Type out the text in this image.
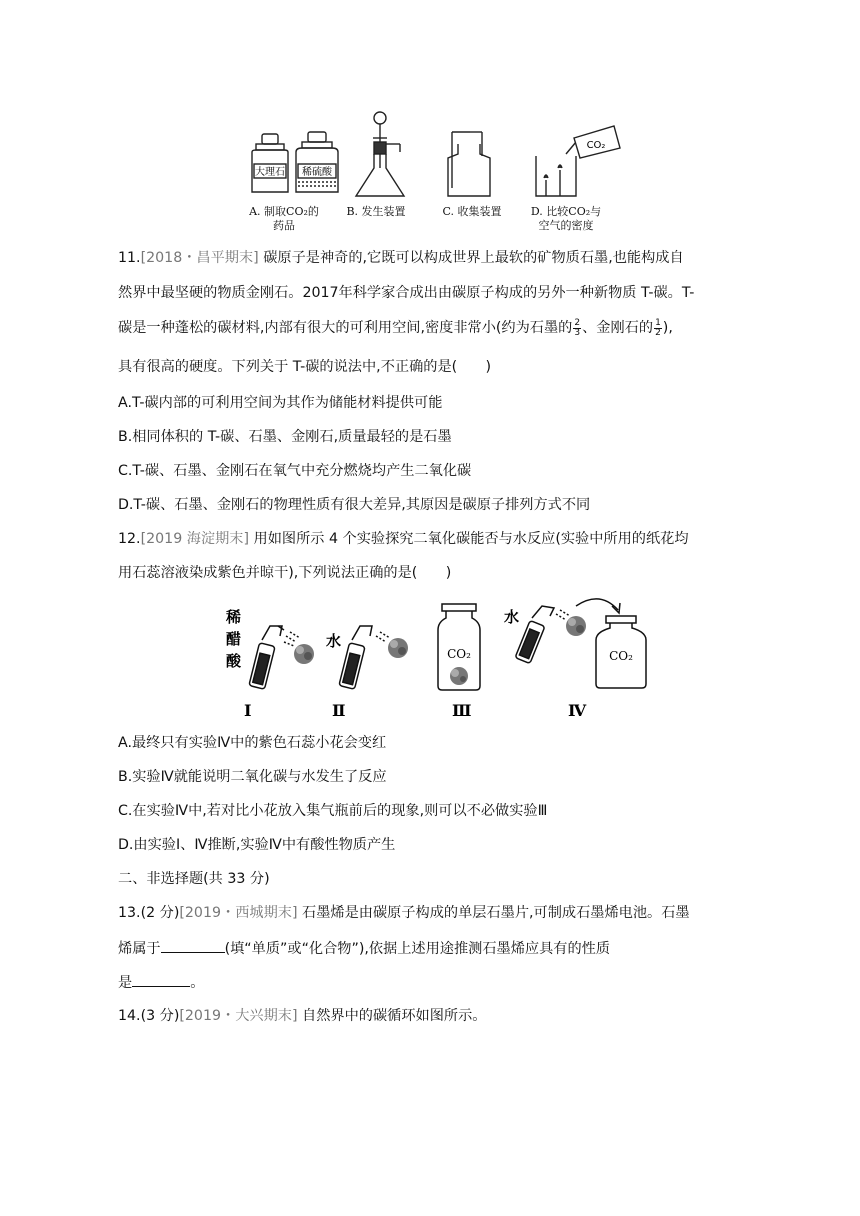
大理石 稀硫酸
CO₂
A. 制取CO₂的
药品
B. 发生装置	C. 收集装置	D. 比较CO₂与
空气的密度
11.[2018・昌平期末] 碳原子是神奇的,它既可以构成世界上最软的矿物质石墨,也能构成自
然界中最坚硬的物质金刚石。2017年科学家合成出由碳原子构成的另外一种新物质 T-碳。T-
碳是一种蓬松的碳材料,内部有很大的可利用空间,密度非常小(约为石墨的 $\frac{2}{3}$ 、金刚石的 $\frac{1}{2}$ ),
具有很高的硬度。下列关于 T-碳的说法中,不正确的是(　　)
A.T-碳内部的可利用空间为其作为储能材料提供可能
B.相同体积的 T-碳、石墨、金刚石,质量最轻的是石墨
C.T-碳、石墨、金刚石在氧气中充分燃烧均产生二氧化碳
D.T-碳、石墨、金刚石的物理性质有很大差异,其原因是碳原子排列方式不同
12.[2019 海淀期末] 用如图所示 4 个实验探究二氧化碳能否与水反应(实验中所用的纸花均
用石蕊溶液染成紫色并晾干),下列说法正确的是(　　)
稀
醋
酸
水
CO₂
水
CO₂
Ⅰ	Ⅱ	Ⅲ	Ⅳ
A.最终只有实验Ⅳ中的紫色石蕊小花会变红
B.实验Ⅳ就能说明二氧化碳与水发生了反应
C.在实验Ⅳ中,若对比小花放入集气瓶前后的现象,则可以不必做实验Ⅲ
D.由实验Ⅰ、Ⅳ推断,实验Ⅳ中有酸性物质产生
二、非选择题(共 33 分)
13.(2 分)[2019・西城期末] 石墨烯是由碳原子构成的单层石墨片,可制成石墨烯电池。石墨
烯属于	(填“单质”或“化合物”),依据上述用途推测石墨烯应具有的性质
是	。
14.(3 分)[2019・大兴期末] 自然界中的碳循环如图所示。
